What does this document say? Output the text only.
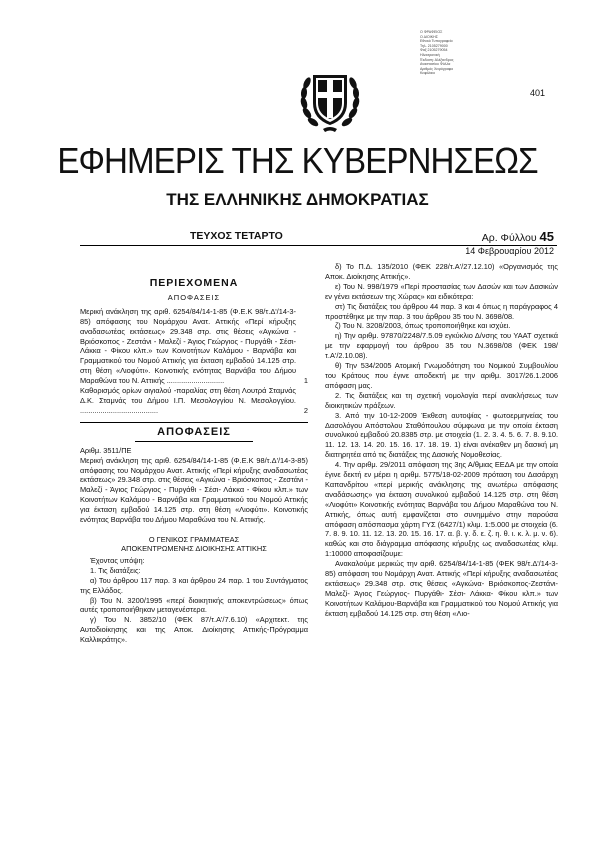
Ο ΦΡΑΦΕΙΟΣ
Ο ΔΙΟΙΚΗΣ
Εθνικό Τυπογραφείο
Τηλ. 2105279000
Φαξ 2105279054
Ηλεκτρονική
Έκδοση: Αλέξανδρος
Αναστασίου Φύλλα
Αριθμός Χειρόγραφο
Κεφάλαιο
401
ΕΦΗΜΕΡΙΣ ΤΗΣ ΚΥΒΕΡΝΗΣΕΩΣ
ΤΗΣ ΕΛΛΗΝΙΚΗΣ ΔΗΜΟΚΡΑΤΙΑΣ
ΤΕΥΧΟΣ ΤΕΤΑΡΤΟ	Αρ. Φύλλου 45
14 Φεβρουαρίου 2012
ΠΕΡΙΕΧΟΜΕΝΑ
ΑΠΟΦΑΣΕΙΣ

Μερική ανάκληση της αριθ. 6254/84/14-1-85 (Φ.Ε.Κ 98/τ.Δ'/14-3-85) απόφασης του Νομάρχου Ανατ. Αττικής «Περί κήρυξης αναδασωτέας εκτάσεως» 29.348 στρ. στις θέσεις «Αγκώνα - Βριόσκοπος - Ζεστάνι - Μαλεζί - Άγιος Γεώργιος - Πυργάθι - Σέσι- Λάκκα - Φίκου κλπ.» των Κοινοτήτων Καλάμου - Βαρνάβα και Γραμματικού του Νομού Αττικής για έκταση εμβαδού 14.125 στρ. στη θέση «Λιοφύτι». Κοινοτικής ενότητας Βαρνάβα του Δήμου Μαραθώνα του Ν. Αττικής ............................	1

Καθορισμός ορίων αιγιαλού -παραλίας στη θέση Λουτρά Σταμνάς Δ.Κ. Σταμνάς του Δήμου Ι.Π. Μεσολογγίου Ν. Μεσολογγίου. ......................................	2
ΑΠΟΦΑΣΕΙΣ

Αριθμ. 3511/ΠΕ

Μερική ανάκληση της αριθ. 6254/84/14-1-85 (Φ.Ε.Κ 98/τ.Δ'/14-3-85) απόφασης του Νομάρχου Ανατ. Αττικής «Περί κήρυξης αναδασωτέας εκτάσεως» 29.348 στρ. στις θέσεις «Αγκώνα - Βριόσκοπος - Ζεστάνι - Μαλεζί - Άγιος Γεώργιος - Πυργάθι - Σέσι- Λάκκα - Φίκου κλπ.» των Κοινοτήτων Καλάμου - Βαρνάβα και Γραμματικού του Νομού Αττικής για έκταση εμβαδού 14.125 στρ. στη θέση «Λιοφύτι». Κοινοτικής ενότητας Βαρνάβα του Δήμου Μαραθώνα του Ν. Αττικής.

Ο ΓΕΝΙΚΟΣ ΓΡΑΜΜΑΤΕΑΣ
ΑΠΟΚΕΝΤΡΩΜΕΝΗΣ ΔΙΟΙΚΗΣΗΣ ΑΤΤΙΚΗΣ

Έχοντας υπόψη:

1. Τις διατάξεις:

α) Του άρθρου 117 παρ. 3 και άρθρου 24 παρ. 1 του Συντάγματος της Ελλάδος.

β) Του Ν. 3200/1995 «περί διοικητικής αποκεντρώσεως» όπως αυτές τροποποιήθηκαν μεταγενέστερα.

γ) Του Ν. 3852/10 (ΦΕΚ 87/τ.Α'/7.6.10) «Αρχιτεκτ. της Αυτοδιοίκησης και της Αποκ. Διοίκησης Αττικής-Πρόγραμμα Καλλικράτης».

δ) Το Π.Δ. 135/2010 (ΦΕΚ 228/τ.Α'/27.12.10) «Οργανισμός της Αποκ. Διοίκησης Αττικής».

ε) Του Ν. 998/1979 «Περί προστασίας των Δασών και των Δασικών εν γένει εκτάσεων της Χώρας» και ειδικότερα:

στ) Τις διατάξεις του άρθρου 44 παρ. 3 και 4 όπως η παράγραφος 4 προστέθηκε με την παρ. 3 του άρθρου 35 του Ν. 3698/08.

ζ) Του Ν. 3208/2003, όπως τροποποιήθηκε και ισχύει.

η) Την αριθμ. 97870/2248/7.5.09 εγκύκλιο Δ/νσης του ΥΑΑΤ σχετικά με την εφαρμογή του άρθρου 35 του Ν.3698/08 (ΦΕΚ 198/τ.Α'/2.10.08).

θ) Την 534/2005 Ατομική Γνωμοδότηση του Νομικού Συμβουλίου του Κράτους που έγινε αποδεκτή με την αριθμ. 3017/26.1.2006 απόφαση μας.

2. Τις διατάξεις και τη σχετική νομολογία περί ανακλήσεως των διοικητικών πράξεων.

3. Από την 10-12-2009 Έκθεση αυτοψίας - φωτοερμηνείας του Δασολόγου Απόστολου Σταθόπουλου σύμφωνα με την οποία έκταση συνολικού εμβαδού 20.8385 στρ. με στοιχεία (1. 2. 3. 4. 5. 6. 7. 8. 9.10. 11. 12. 13. 14. 20. 15. 16. 17. 18. 19. 1) είναι ανέκαθεν μη δασική μη διατηρητέα από τις διατάξεις της Δασικής Νομοθεσίας.

4. Την αριθμ. 29/2011 απόφαση της 3ης Α/θμιας ΕΕΔΑ με την οποία έγινε δεκτή εν μέρει η αριθμ. 5775/18-02-2009 πρόταση του Δασάρχη Καπανδρίτου «περί μερικής ανάκλησης της ανωτέρω απόφασης αναδάσωσης» για έκταση συνολικού εμβαδού 14.125 στρ. στη θέση «Λιοφύτι» Κοινοτικής ενότητας Βαρνάβα του Δήμου Μαραθώνα του Ν. Αττικής, όπως αυτή εμφανίζεται στο συνημμένο στην παρούσα απόφαση απόσπασμα χάρτη ΓΥΣ (6427/1) κλιμ. 1:5.000 με στοιχεία (6. 7. 8. 9. 10. 11. 12. 13. 20. 15. 16. 17. α. β. γ. δ. ε. ζ. η. θ. ι. κ. λ. μ. ν. 6). καθώς και στο διάγραμμα απόφασης κήρυξης ως αναδασωτέας κλιμ. 1:10000 αποφασίζουμε:

Ανακαλούμε μερικώς την αριθ. 6254/84/14-1-85 (ΦΕΚ 98/τ.Δ'/14-3-85) απόφαση του Νομάρχη Ανατ. Αττικής «Περί κήρυξης αναδασωτέας εκτάσεως» 29.348 στρ. στις θέσεις «Αγκώνα- Βριόσκοπος-Ζεστάνι- Μαλεζί- Άγιος Γεώργιος- Πυργάθι- Σέσι- Λάκκα- Φίκου κλπ.» των Κοινοτήτων Καλάμου-Βαρνάβα και Γραμματικού του Νομού Αττικής για έκταση εμβαδού 14.125 στρ. στη θέση «Λιο-
